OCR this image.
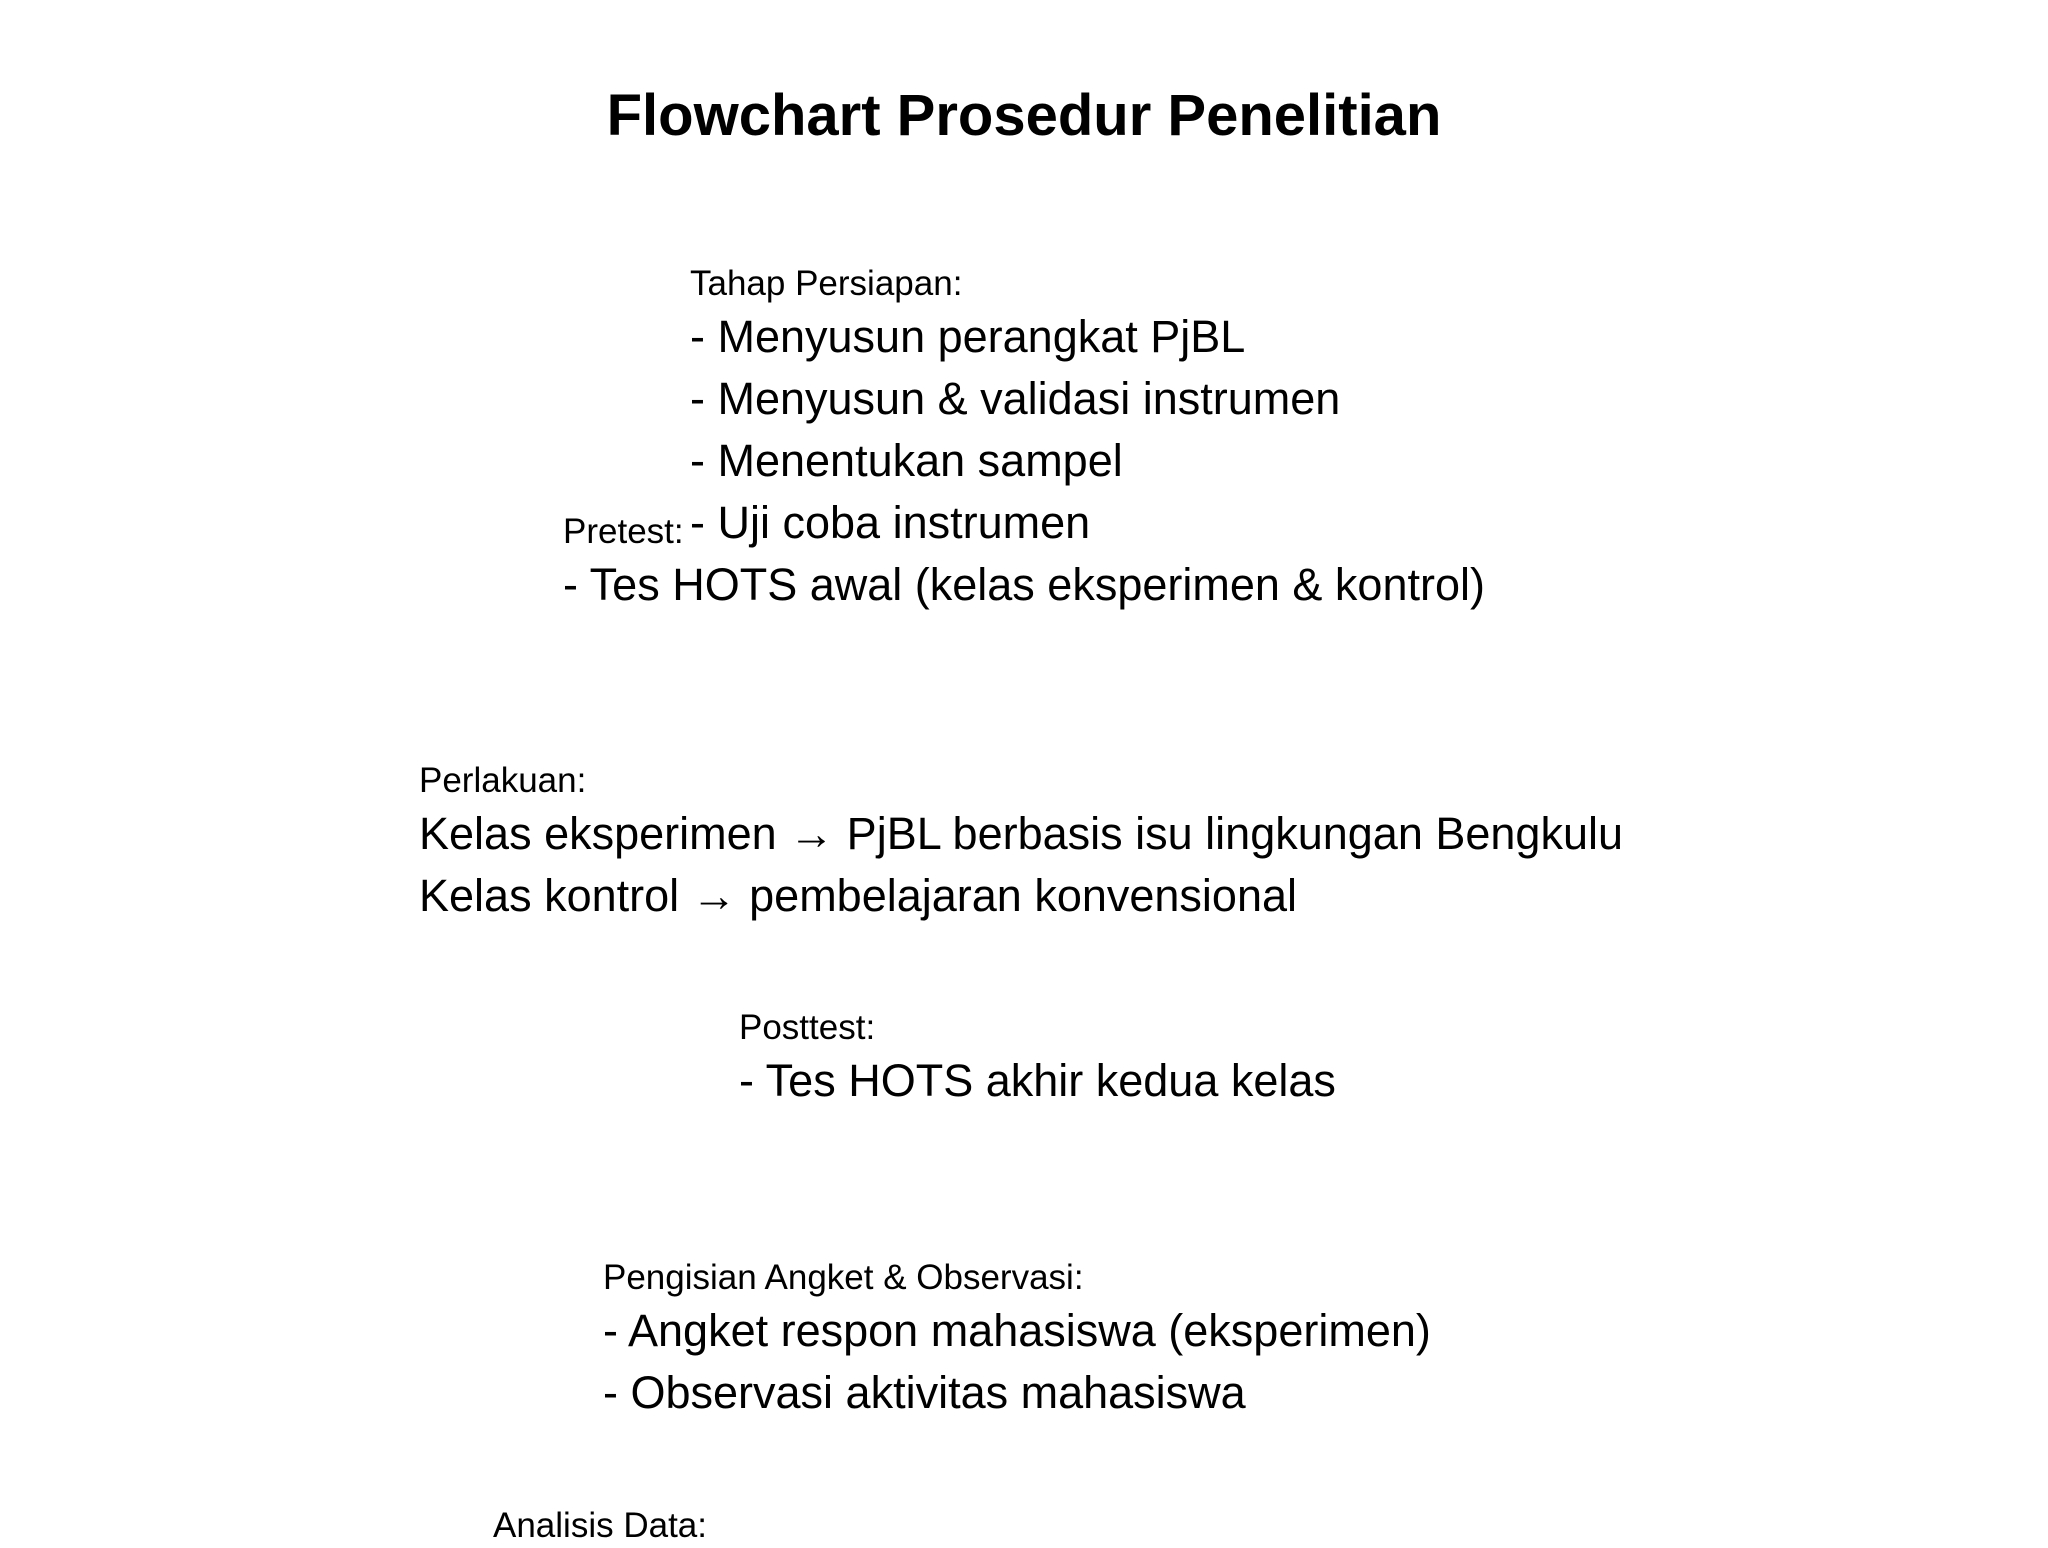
Flowchart Prosedur Penelitian
Tahap Persiapan:
- Menyusun perangkat PjBL
- Menyusun & validasi instrumen
- Menentukan sampel
- Uji coba instrumen
Pretest:
- Tes HOTS awal (kelas eksperimen & kontrol)
Perlakuan:
Kelas eksperimen → PjBL berbasis isu lingkungan Bengkulu
Kelas kontrol → pembelajaran konvensional
Posttest:
- Tes HOTS akhir kedua kelas
Pengisian Angket & Observasi:
- Angket respon mahasiswa (eksperimen)
- Observasi aktivitas mahasiswa
Analisis Data:
